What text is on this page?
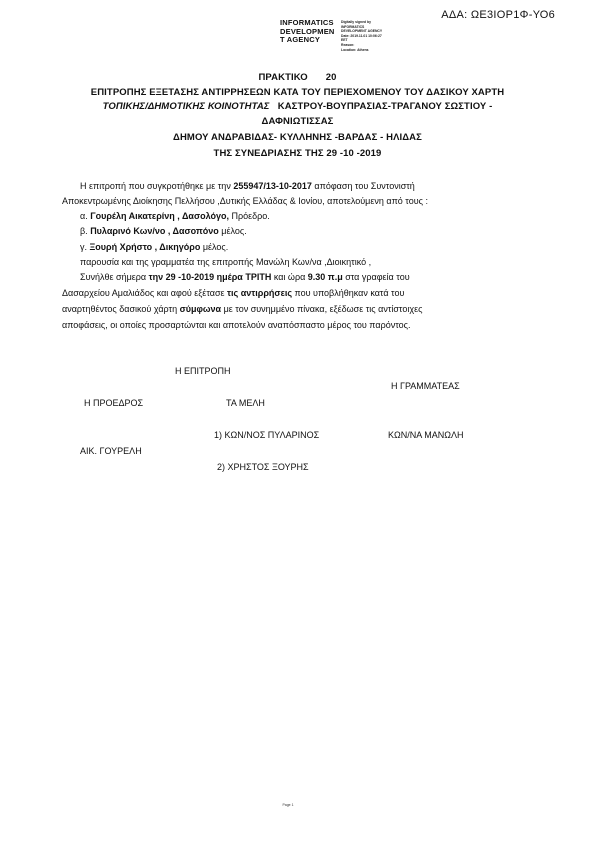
ΑΔΑ: ΩΕ3ΙΟΡ1Φ-ΥΟ6
INFORMATICS
DEVELOPMEN
T AGENCY
Digitally signed by
INFORMATICS
DEVELOPMENT AGENCY
Date: 2019.11.01 10:06:27
EET
Reason:
Location: Athens
ΠΡΑΚΤΙΚΟ 20
ΕΠΙΤΡΟΠΗΣ ΕΞΕΤΑΣΗΣ ΑΝΤΙΡΡΗΣΕΩΝ ΚΑΤΑ ΤΟΥ ΠΕΡΙΕΧΟΜΕΝΟΥ ΤΟΥ ΔΑΣΙΚΟΥ ΧΑΡΤΗ
ΤΟΠΙΚΗΣ/ΔΗΜΟΤΙΚΗΣ ΚΟΙΝΟΤΗΤΑΣ ΚΑΣΤΡΟΥ-ΒΟΥΠΡΑΣΙΑΣ-ΤΡΑΓΑΝΟΥ ΣΩΣΤΙΟΥ -
ΔΑΦΝΙΩΤΙΣΣΑΣ
ΔΗΜΟΥ ΑΝΔΡΑΒΙΔΑΣ- ΚΥΛΛΗΝΗΣ -ΒΑΡΔΑΣ - ΗΛΙΔΑΣ
ΤΗΣ ΣΥΝΕΔΡΙΑΣΗΣ ΤΗΣ 29 -10 -2019
Η επιτροπή που συγκροτήθηκε με την 255947/13-10-2017 απόφαση του Συντονιστή
Αποκεντρωμένης Διοίκησης Πελλήσου ,Δυτικής Ελλάδας & Ιονίου, αποτελούμενη από τους :
α. Γουρέλη Αικατερίνη , Δασολόγο, Πρόεδρο.
β. Πυλαρινό Κων/νο , Δασοπόνο μέλος.
γ. Ξουρή Χρήστο , Δικηγόρο μέλος.
παρουσία και της γραμματέα της επιτροπής Μανώλη Κων/να ,Διοικητικό ,
Συνήλθε σήμερα την 29 -10-2019 ημέρα ΤΡΙΤΗ και ώρα 9.30 π.μ στα γραφεία του
Δασαρχείου Αμαλιάδος και αφού εξέτασε τις αντιρρήσεις που υποβλήθηκαν κατά του
αναρτηθέντος δασικού χάρτη σύμφωνα με τον συνημμένο πίνακα, εξέδωσε τις αντίστοιχες
αποφάσεις, οι οποίες προσαρτώνται και αποτελούν αναπόσπαστο μέρος του παρόντος.
Η ΕΠΙΤΡΟΠΗ
Η ΓΡΑΜΜΑΤΕΑΣ
Η ΠΡΟΕΔΡΟΣ	ΤΑ ΜΕΛΗ
1) ΚΩΝ/ΝΟΣ ΠΥΛΑΡΙΝΟΣ	ΚΩΝ/ΝΑ ΜΑΝΩΛΗ
ΑΙΚ. ΓΟΥΡΕΛΗ
2) ΧΡΗΣΤΟΣ ΞΟΥΡΗΣ
Page 1
